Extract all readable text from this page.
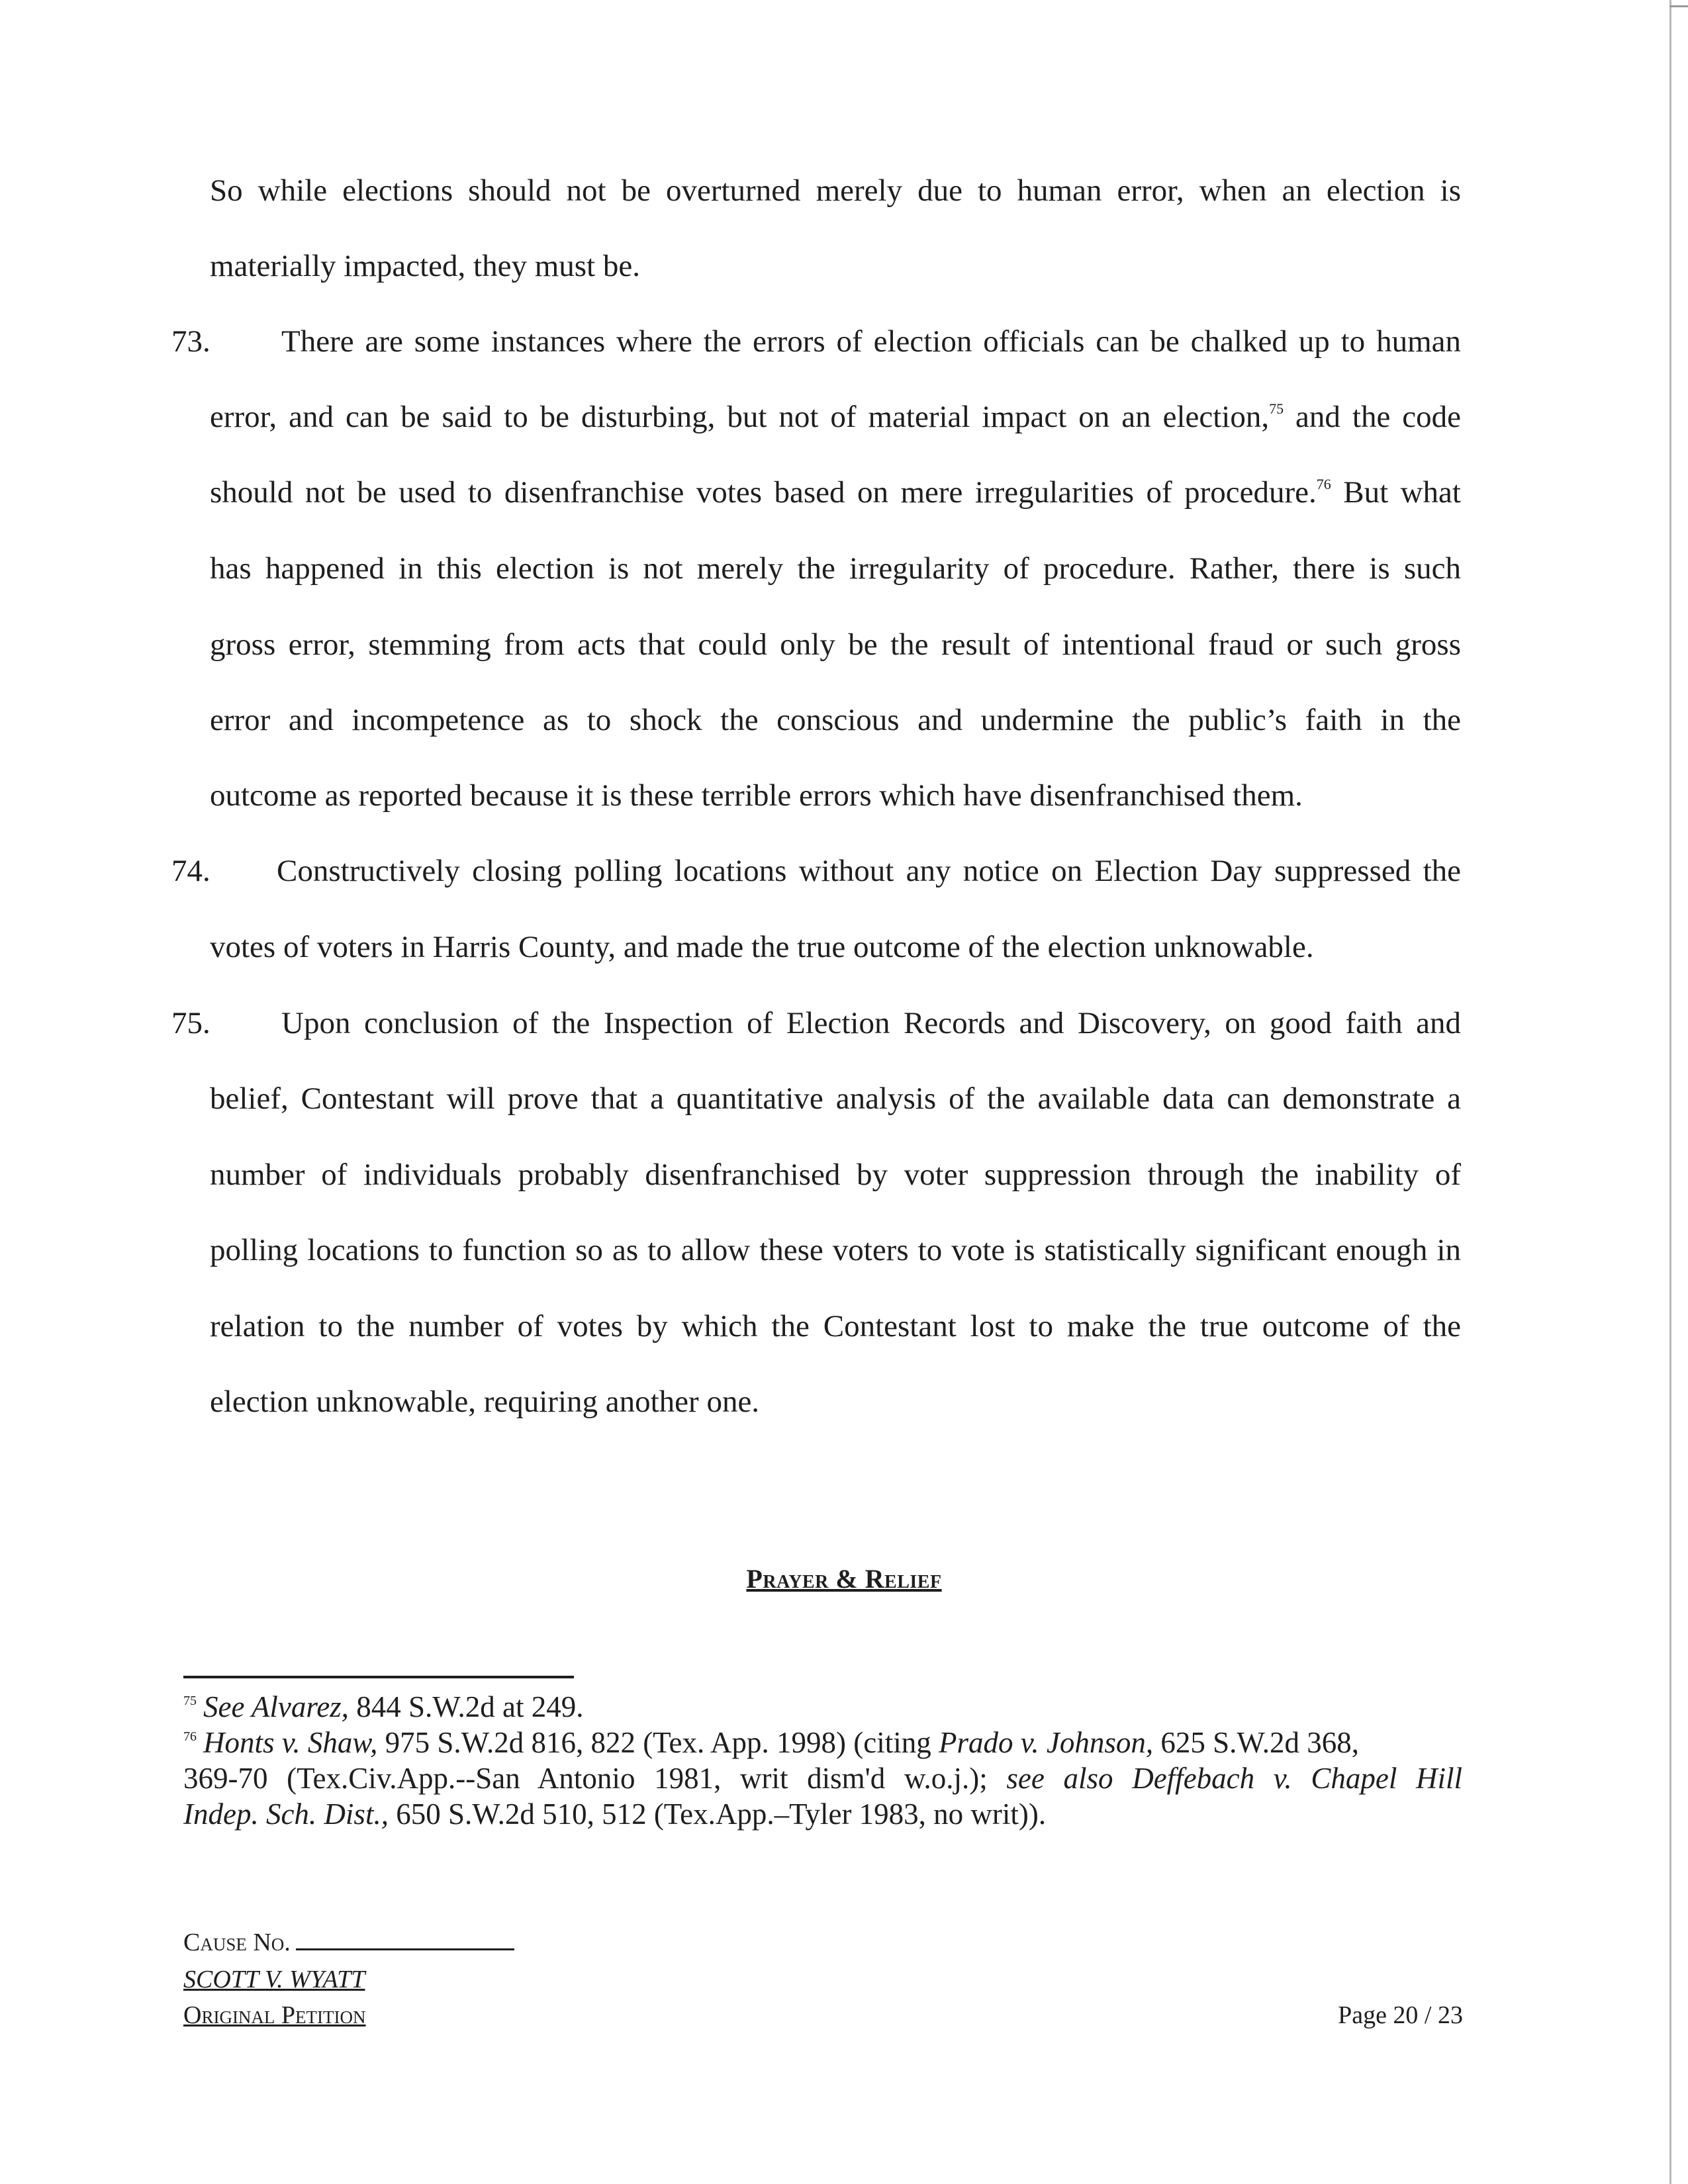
So while elections should not be overturned merely due to human error, when an election is
materially impacted, they must be.
73. There are some instances where the errors of election officials can be chalked up to human
error, and can be said to be disturbing, but not of material impact on an election,$^{75}$ and the code
should not be used to disenfranchise votes based on mere irregularities of procedure.$^{76}$ But what
has happened in this election is not merely the irregularity of procedure. Rather, there is such
gross error, stemming from acts that could only be the result of intentional fraud or such gross
error and incompetence as to shock the conscious and undermine the public’s faith in the
outcome as reported because it is these terrible errors which have disenfranchised them.
74. Constructively closing polling locations without any notice on Election Day suppressed the
votes of voters in Harris County, and made the true outcome of the election unknowable.
75. Upon conclusion of the Inspection of Election Records and Discovery, on good faith and
belief, Contestant will prove that a quantitative analysis of the available data can demonstrate a
number of individuals probably disenfranchised by voter suppression through the inability of
polling locations to function so as to allow these voters to vote is statistically significant enough in
relation to the number of votes by which the Contestant lost to make the true outcome of the
election unknowable, requiring another one.
Prayer & Relief
$^{75}$ See Alvarez, 844 S.W.2d at 249.
$^{76}$ Honts v. Shaw, 975 S.W.2d 816, 822 (Tex. App. 1998) (citing Prado v. Johnson, 625 S.W.2d 368,
369-70 (Tex.Civ.App.--San Antonio 1981, writ dism'd w.o.j.); see also Deffebach v. Chapel Hill
Indep. Sch. Dist., 650 S.W.2d 510, 512 (Tex.App.–Tyler 1983, no writ)).
Cause No.
SCOTT V. WYATT
Original Petition	Page 20 / 23
